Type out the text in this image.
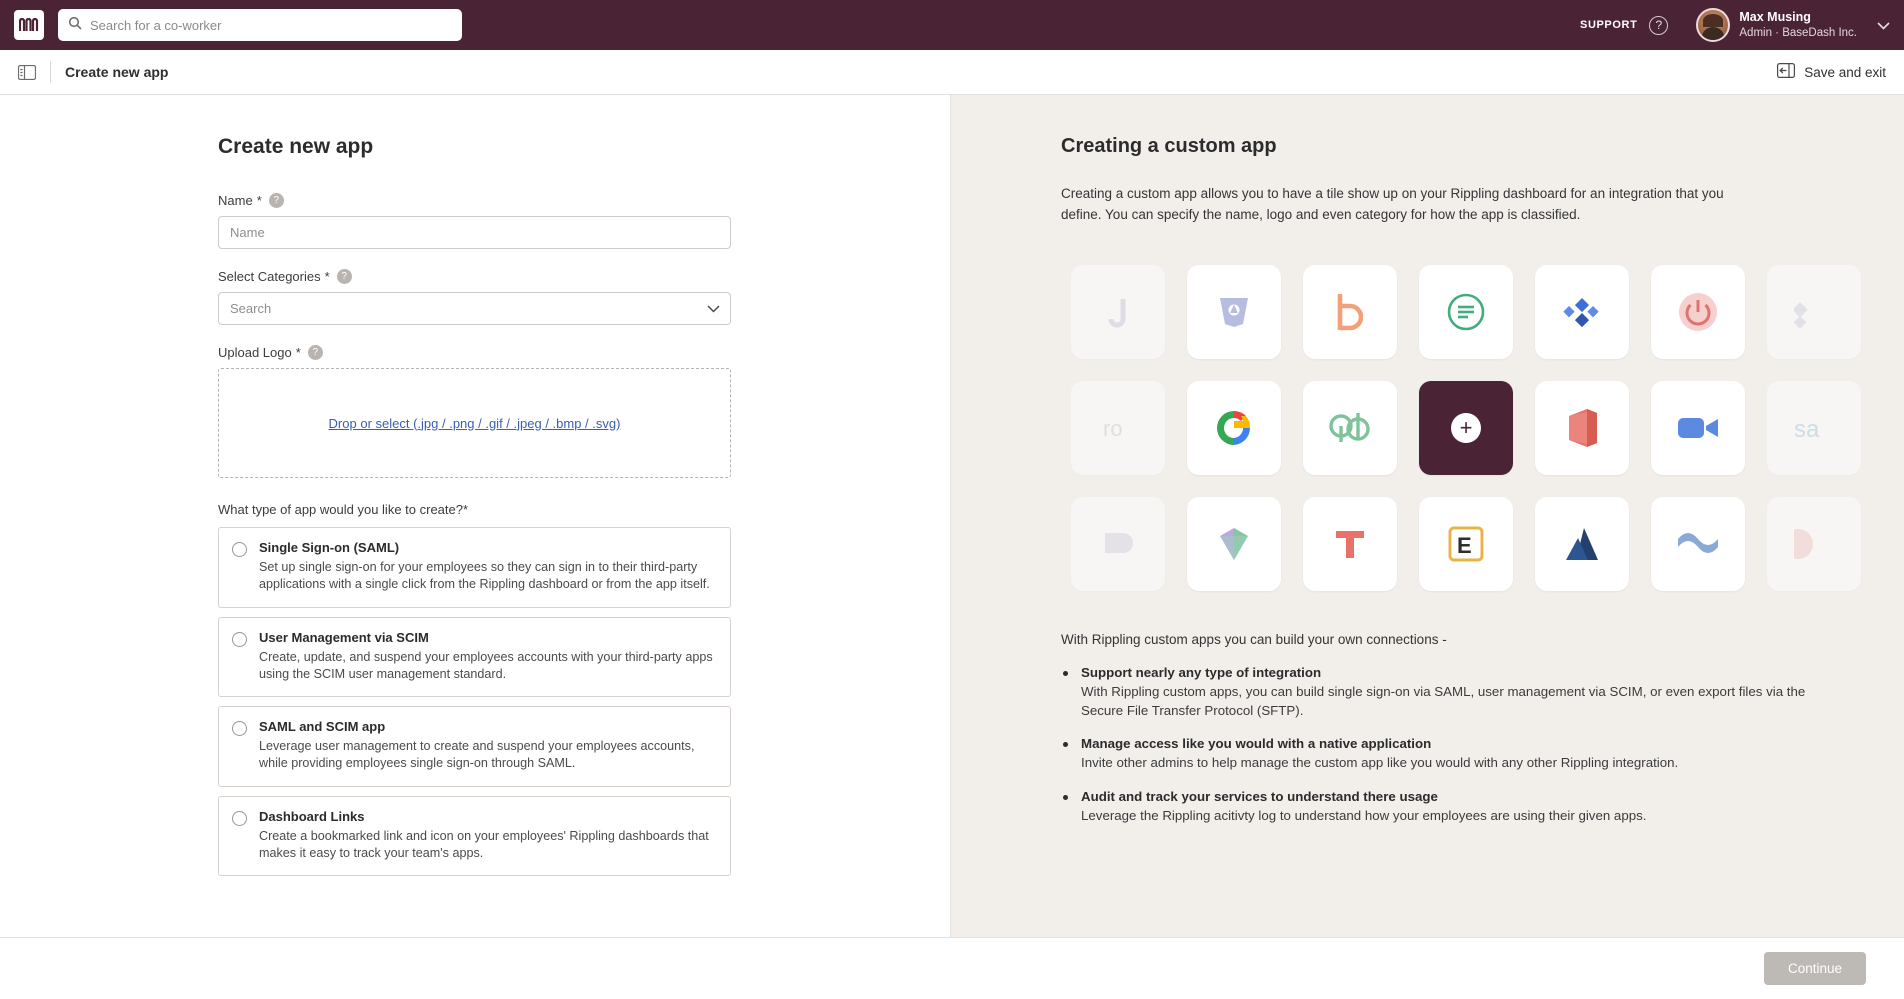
Search for a co-worker
SUPPORT	?
Max Musing
Admin · BaseDash Inc.
Create new app	Save and exit
Create new app
Name *	?
Name
Select Categories *	?
Search
Upload Logo *	?
Drop or select (.jpg / .png / .gif / .jpeg / .bmp / .svg)
What type of app would you like to create?*
Single Sign-on (SAML)
Set up single sign-on for your employees so they can sign in to their third-party applications with a single click from the Rippling dashboard or from the app itself.
User Management via SCIM
Create, update, and suspend your employees accounts with your third-party apps using the SCIM user management standard.
SAML and SCIM app
Leverage user management to create and suspend your employees accounts, while providing employees single sign-on through SAML.
Dashboard Links
Create a bookmarked link and icon on your employees' Rippling dashboards that makes it easy to track your team's apps.
Creating a custom app
Creating a custom app allows you to have a tile show up on your Rippling dashboard for an integration that you define. You can specify the name, logo and even category for how the app is classified.
ro	+	sa
E
With Rippling custom apps you can build your own connections -
Support nearly any type of integration
With Rippling custom apps, you can build single sign-on via SAML, user management via SCIM, or even export files via the Secure File Transfer Protocol (SFTP).
Manage access like you would with a native application
Invite other admins to help manage the custom app like you would with any other Rippling integration.
Audit and track your services to understand there usage
Leverage the Rippling acitivty log to understand how your employees are using their given apps.
Continue
